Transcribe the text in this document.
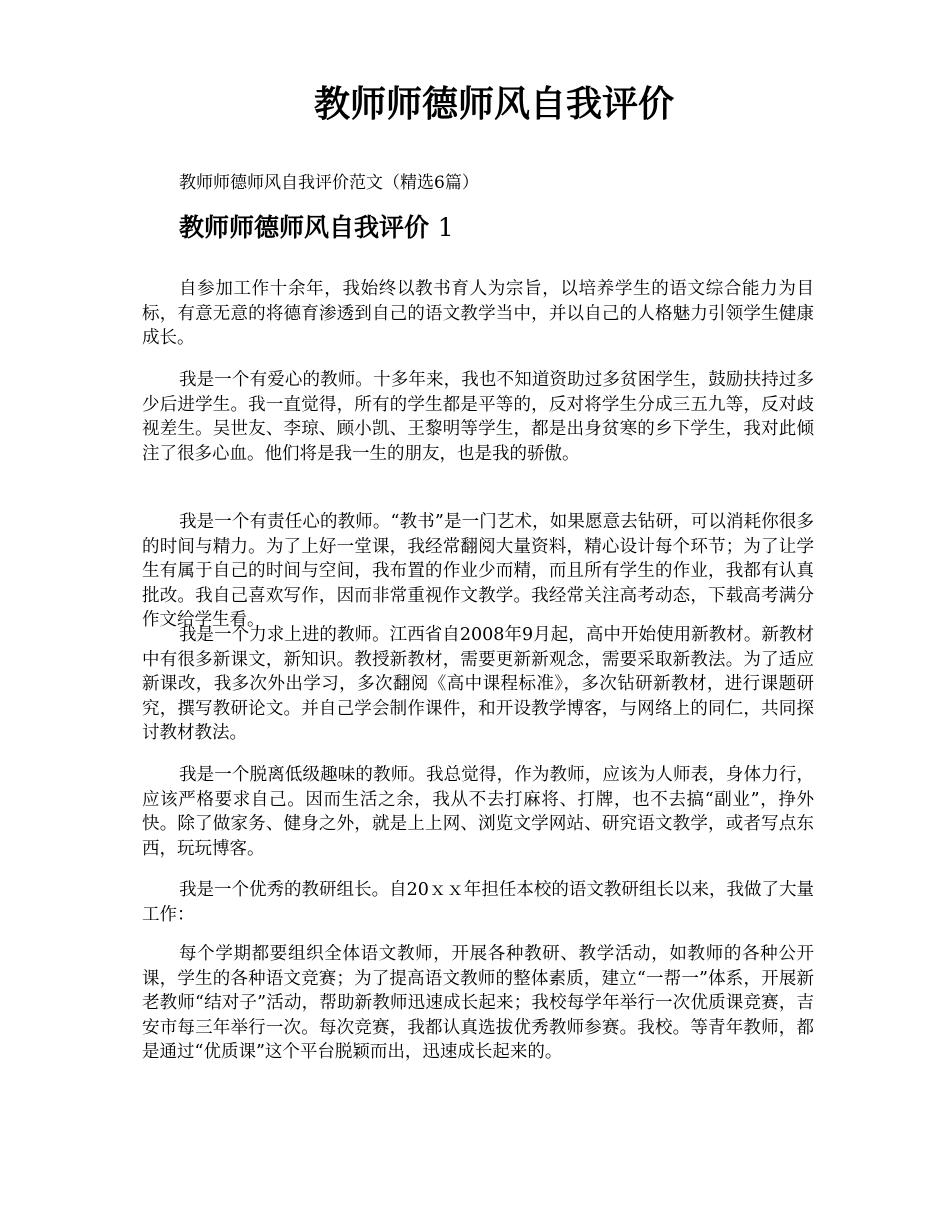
教师师德师风自我评价

教师师德师风自我评价范文（精选6篇）

教师师德师风自我评价 1

自参加工作十余年，我始终以教书育人为宗旨，以培养学生的语文综合能力为目标，有意无意的将德育渗透到自己的语文教学当中，并以自己的人格魅力引领学生健康成长。

我是一个有爱心的教师。十多年来，我也不知道资助过多贫困学生，鼓励扶持过多少后进学生。我一直觉得，所有的学生都是平等的，反对将学生分成三五九等，反对歧视差生。吴世友、李琼、顾小凯、王黎明等学生，都是出身贫寒的乡下学生，我对此倾注了很多心血。他们将是我一生的朋友，也是我的骄傲。

我是一个有责任心的教师。“教书”是一门艺术，如果愿意去钻研，可以消耗你很多的时间与精力。为了上好一堂课，我经常翻阅大量资料，精心设计每个环节；为了让学生有属于自己的时间与空间，我布置的作业少而精，而且所有学生的作业，我都有认真批改。我自己喜欢写作，因而非常重视作文教学。我经常关注高考动态，下载高考满分作文给学生看。

我是一个力求上进的教师。江西省自2008年9月起，高中开始使用新教材。新教材中有很多新课文，新知识。教授新教材，需要更新新观念，需要采取新教法。为了适应新课改，我多次外出学习，多次翻阅《高中课程标准》，多次钻研新教材，进行课题研究，撰写教研论文。并自己学会制作课件，和开设教学博客，与网络上的同仁，共同探讨教材教法。

我是一个脱离低级趣味的教师。我总觉得，作为教师，应该为人师表，身体力行，应该严格要求自己。因而生活之余，我从不去打麻将、打牌，也不去搞“副业”，挣外快。除了做家务、健身之外，就是上上网、浏览文学网站、研究语文教学，或者写点东西，玩玩博客。

我是一个优秀的教研组长。自20ｘｘ年担任本校的语文教研组长以来，我做了大量工作：

每个学期都要组织全体语文教师，开展各种教研、教学活动，如教师的各种公开课，学生的各种语文竞赛；为了提高语文教师的整体素质，建立“一帮一”体系，开展新老教师“结对子”活动，帮助新教师迅速成长起来；我校每学年举行一次优质课竞赛，吉安市每三年举行一次。每次竞赛，我都认真选拔优秀教师参赛。我校。等青年教师，都是通过“优质课”这个平台脱颖而出，迅速成长起来的。
